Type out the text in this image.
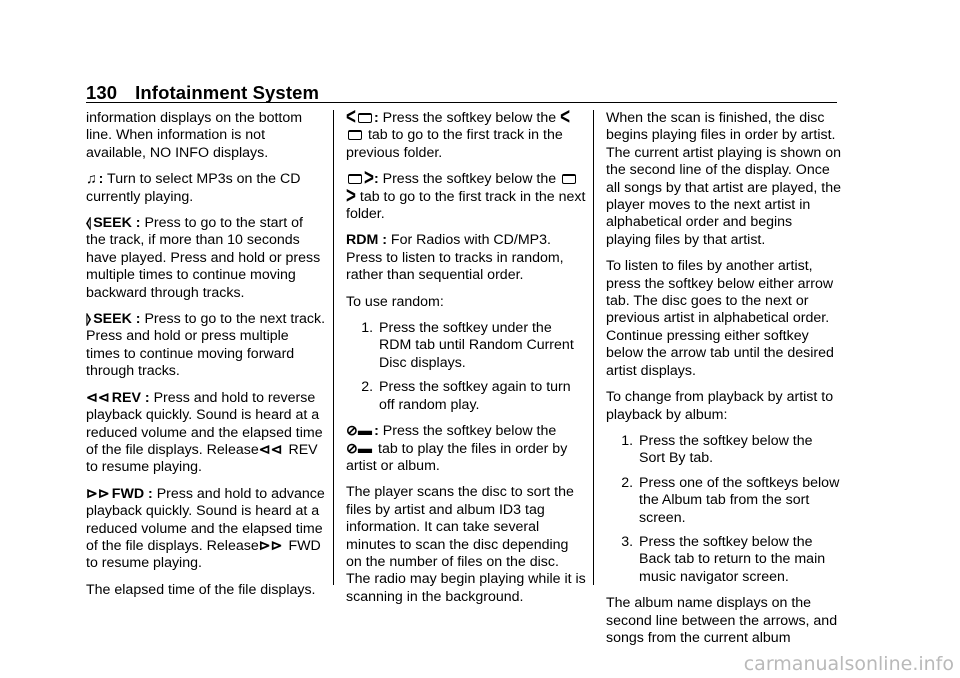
130 Infotainment System

information displays on the bottom line. When information is not available, NO INFO displays.

♫ : Turn to select MP3s on the CD currently playing.

⦉ SEEK : Press to go to the start of the track, if more than 10 seconds have played. Press and hold or press multiple times to continue moving backward through tracks.

⦊ SEEK : Press to go to the next track. Press and hold or press multiple times to continue moving forward through tracks.

⊲⊲ REV : Press and hold to reverse playback quickly. Sound is heard at a reduced volume and the elapsed time of the file displays. Release⊲⊲ REV to resume playing.

⊳⊳ FWD : Press and hold to advance playback quickly. Sound is heard at a reduced volume and the elapsed time of the file displays. Release⊳⊳ FWD to resume playing.

The elapsed time of the file displays.

< : Press the softkey below the < tab to go to the first track in the previous folder.

>: Press the softkey below the > tab to go to the first track in the next folder.

RDM : For Radios with CD/MP3. Press to listen to tracks in random, rather than sequential order.

To use random:

1. Press the softkey under the RDM tab until Random Current Disc displays.
2. Press the softkey again to turn off random play.

⊘▬ : Press the softkey below the ⊘▬ tab to play the files in order by artist or album.

The player scans the disc to sort the files by artist and album ID3 tag information. It can take several minutes to scan the disc depending on the number of files on the disc. The radio may begin playing while it is scanning in the background.

When the scan is finished, the disc begins playing files in order by artist. The current artist playing is shown on the second line of the display. Once all songs by that artist are played, the player moves to the next artist in alphabetical order and begins playing files by that artist.

To listen to files by another artist, press the softkey below either arrow tab. The disc goes to the next or previous artist in alphabetical order. Continue pressing either softkey below the arrow tab until the desired artist displays.

To change from playback by artist to playback by album:

1. Press the softkey below the Sort By tab.
2. Press one of the softkeys below the Album tab from the sort screen.
3. Press the softkey below the Back tab to return to the main music navigator screen.

The album name displays on the second line between the arrows, and songs from the current album

carmanualsonline.info
